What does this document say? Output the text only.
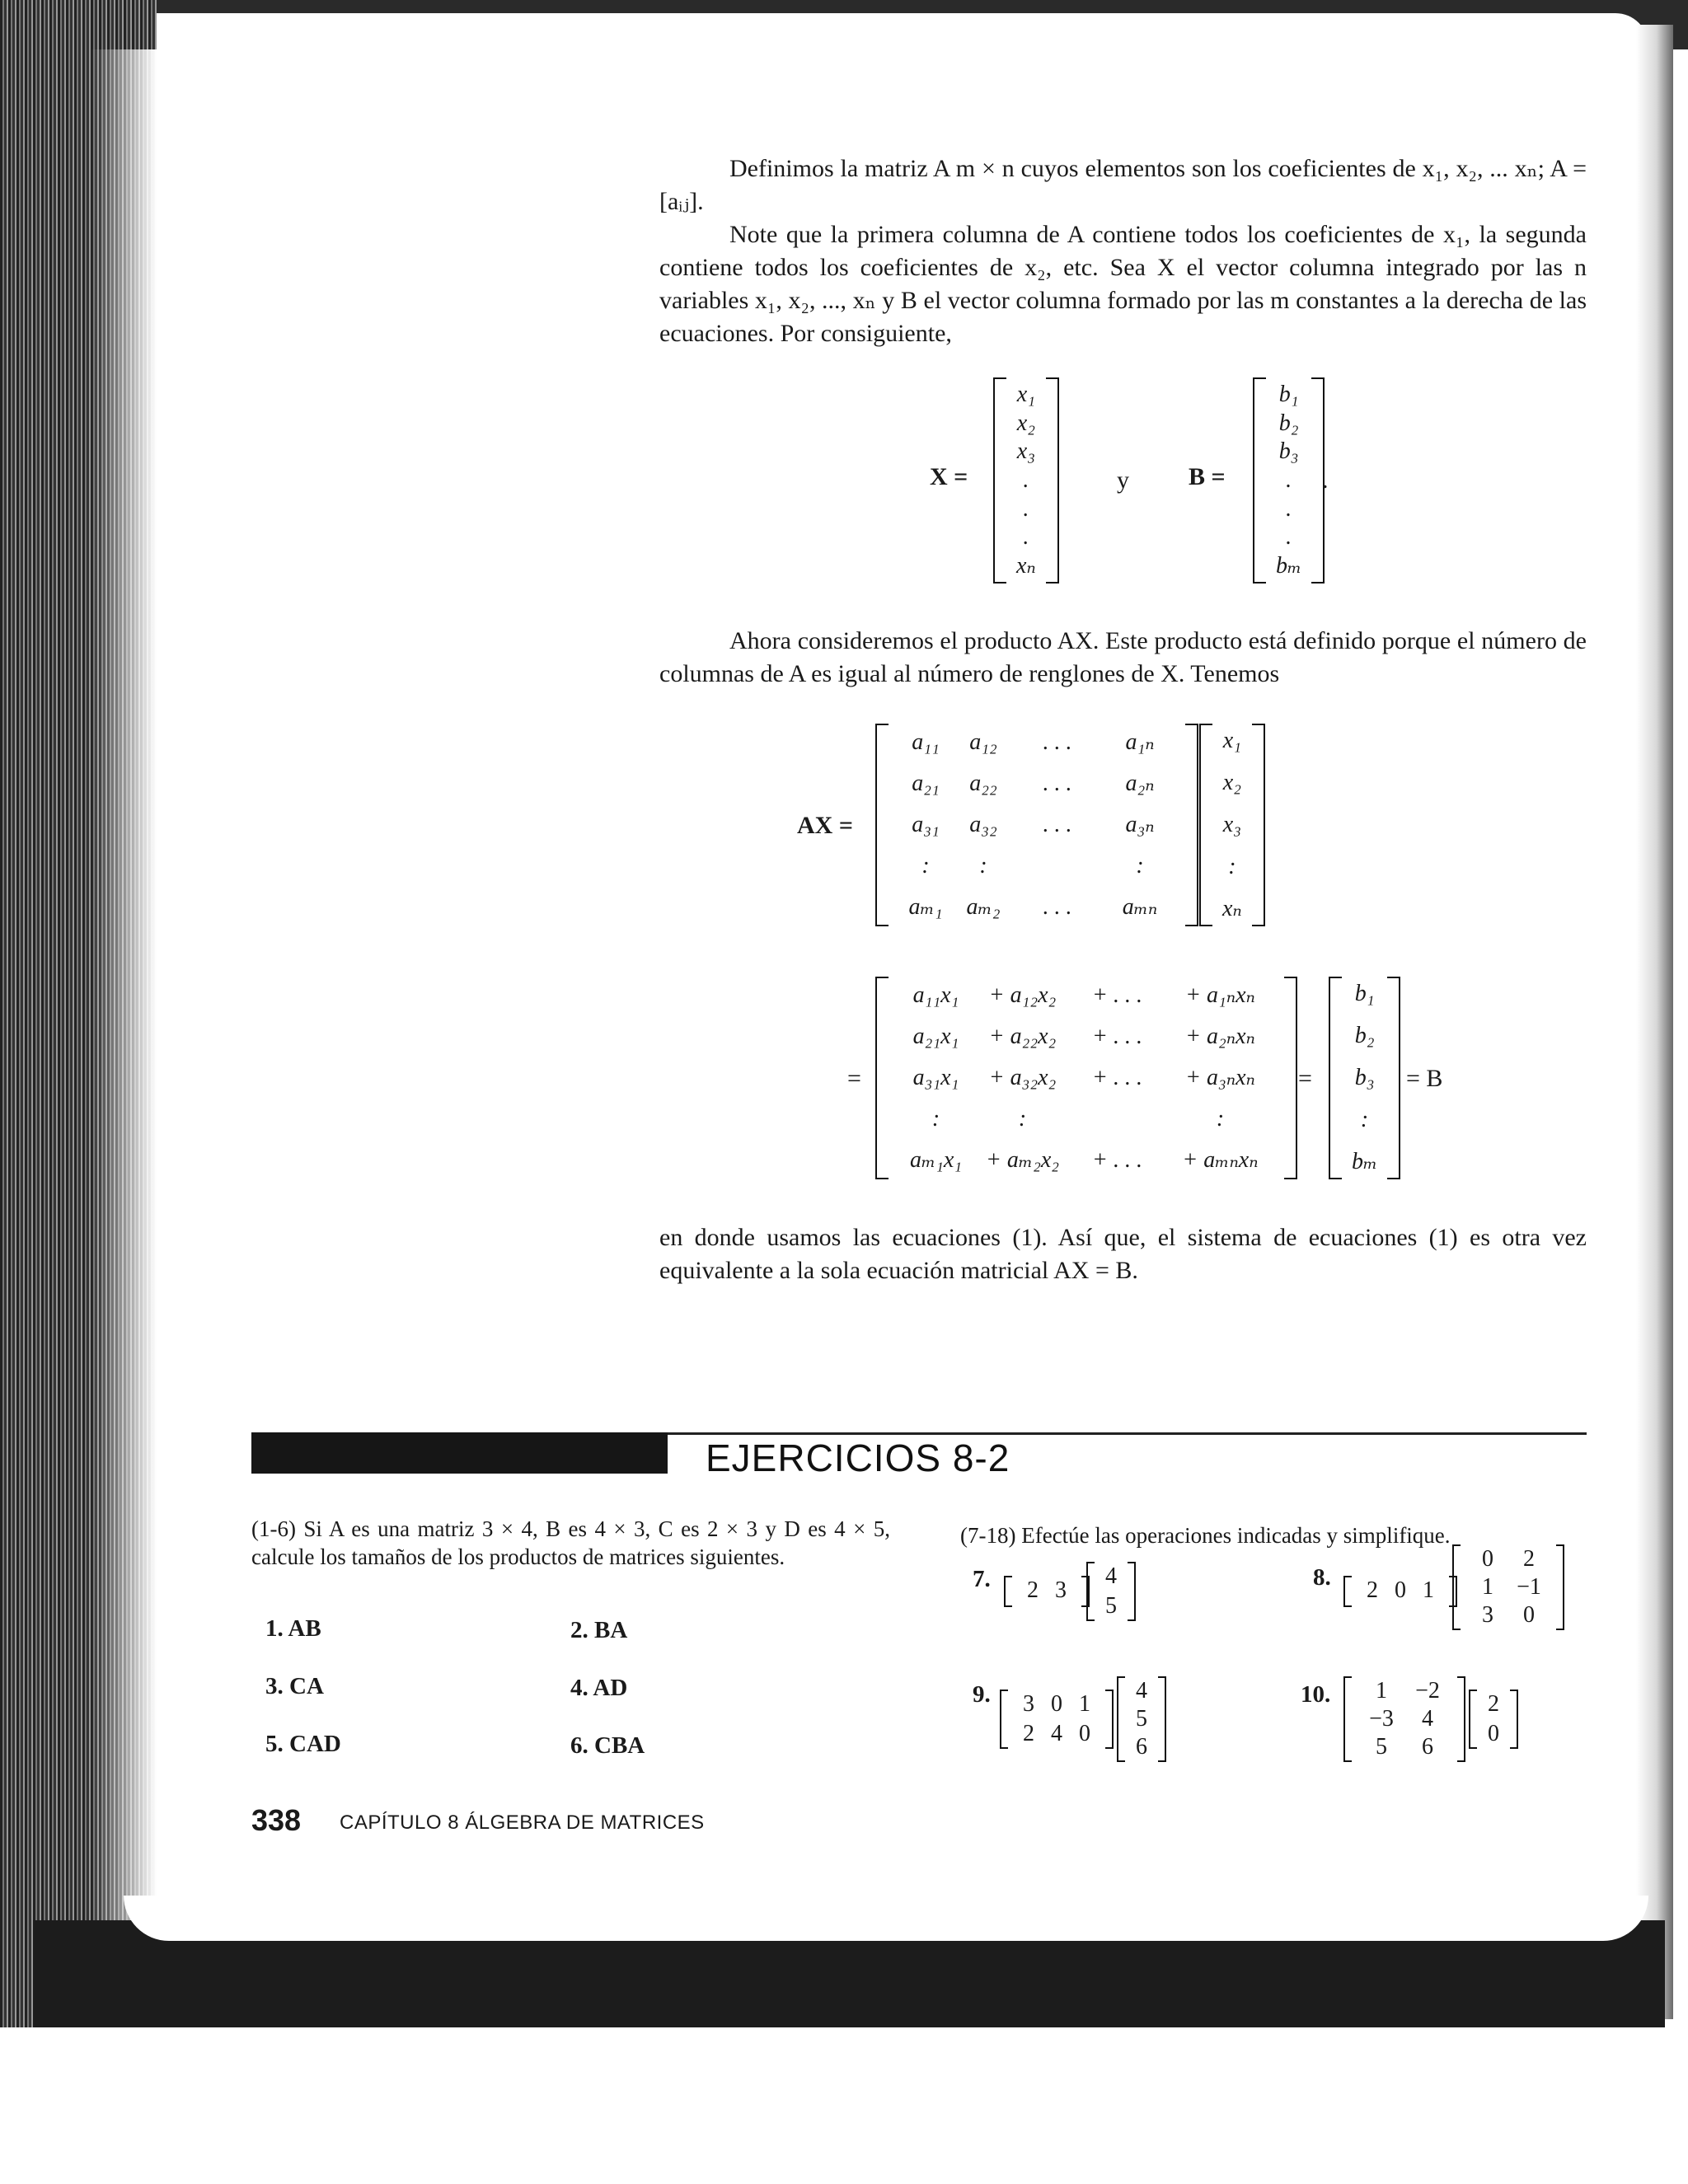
Definimos la matriz A m × n cuyos elementos son los coeficientes de x₁, x₂, ... xₙ; A = [aᵢⱼ].

Note que la primera columna de A contiene todos los coeficientes de x₁, la segunda contiene todos los coeficientes de x₂, etc. Sea X el vector columna integrado por las n variables x₁, x₂, ..., xₙ y B el vector columna formado por las m constantes a la derecha de las ecuaciones. Por consiguiente,

X =
x₁
x₂
x₃
.
.
.
xₙ
y B =
b₁
b₂
b₃
.
.
.
bₘ
.

Ahora consideremos el producto AX. Este producto está definido porque el número de columnas de A es igual al número de renglones de X. Tenemos

AX =
a₁₁	a₁₂	. . .	a₁ₙ
a₂₁	a₂₂	. . .	a₂ₙ
a₃₁	a₃₂	. . .	a₃ₙ
:	:	:
aₘ₁	aₘ₂	. . .	aₘₙ
x₁
x₂
x₃
:
xₙ
=
a₁₁x₁	+ a₁₂x₂	+ . . .	+ a₁ₙxₙ
a₂₁x₁	+ a₂₂x₂	+ . . .	+ a₂ₙxₙ
a₃₁x₁	+ a₃₂x₂	+ . . .	+ a₃ₙxₙ
:	:	:
aₘ₁x₁	+ aₘ₂x₂	+ . . .	+ aₘₙxₙ
=
b₁
b₂
b₃
:
bₘ
= B

en donde usamos las ecuaciones (1). Así que, el sistema de ecuaciones (1) es otra vez equivalente a la sola ecuación matricial AX = B.

EJERCICIOS 8-2
(1-6) Si A es una matriz 3 × 4, B es 4 × 3, C es 2 × 3 y D es 4 × 5, calcule los tamaños de los productos de matrices siguientes.
1. AB	2. BA
3. CA	4. AD
5. CAD	6. CBA
(7-18) Efectúe las operaciones indicadas y simplifique.
7.	2 3
4
5
8.	2 0 1
0	2
1	−1
3	0
9.	3 0 1
2 4 0
4
5
6
10.	1	−2
−3	4
5	6
2
0
338 CAPÍTULO 8 ÁLGEBRA DE MATRICES
